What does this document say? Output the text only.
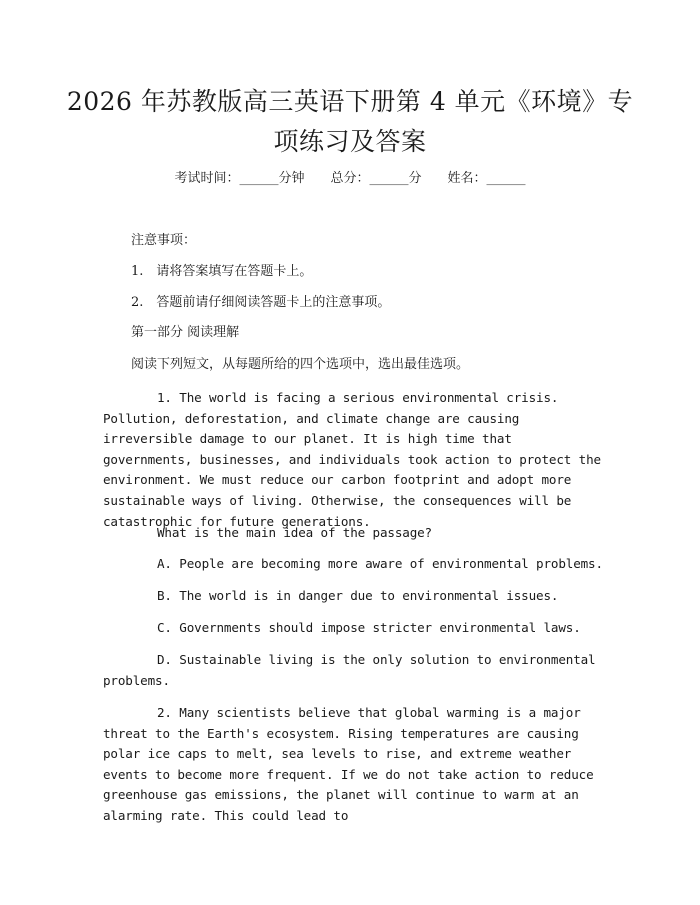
2026 年苏教版高三英语下册第 4 单元《环境》专项练习及答案
考试时间：______分钟 总分：______分 姓名：______
注意事项：
1.　请将答案填写在答题卡上。
2.　答题前请仔细阅读答题卡上的注意事项。
第一部分 阅读理解
阅读下列短文，从每题所给的四个选项中，选出最佳选项。
1. The world is facing a serious environmental crisis. Pollution, deforestation, and climate change are causing irreversible damage to our planet. It is high time that governments, businesses, and individuals took action to protect the environment. We must reduce our carbon footprint and adopt more sustainable ways of living. Otherwise, the consequences will be catastrophic for future generations.
What is the main idea of the passage?
A. People are becoming more aware of environmental problems.
B. The world is in danger due to environmental issues.
C. Governments should impose stricter environmental laws.
D. Sustainable living is the only solution to environmental problems.
2. Many scientists believe that global warming is a major threat to the Earth's ecosystem. Rising temperatures are causing polar ice caps to melt, sea levels to rise, and extreme weather events to become more frequent. If we do not take action to reduce greenhouse gas emissions, the planet will continue to warm at an alarming rate. This could lead to
